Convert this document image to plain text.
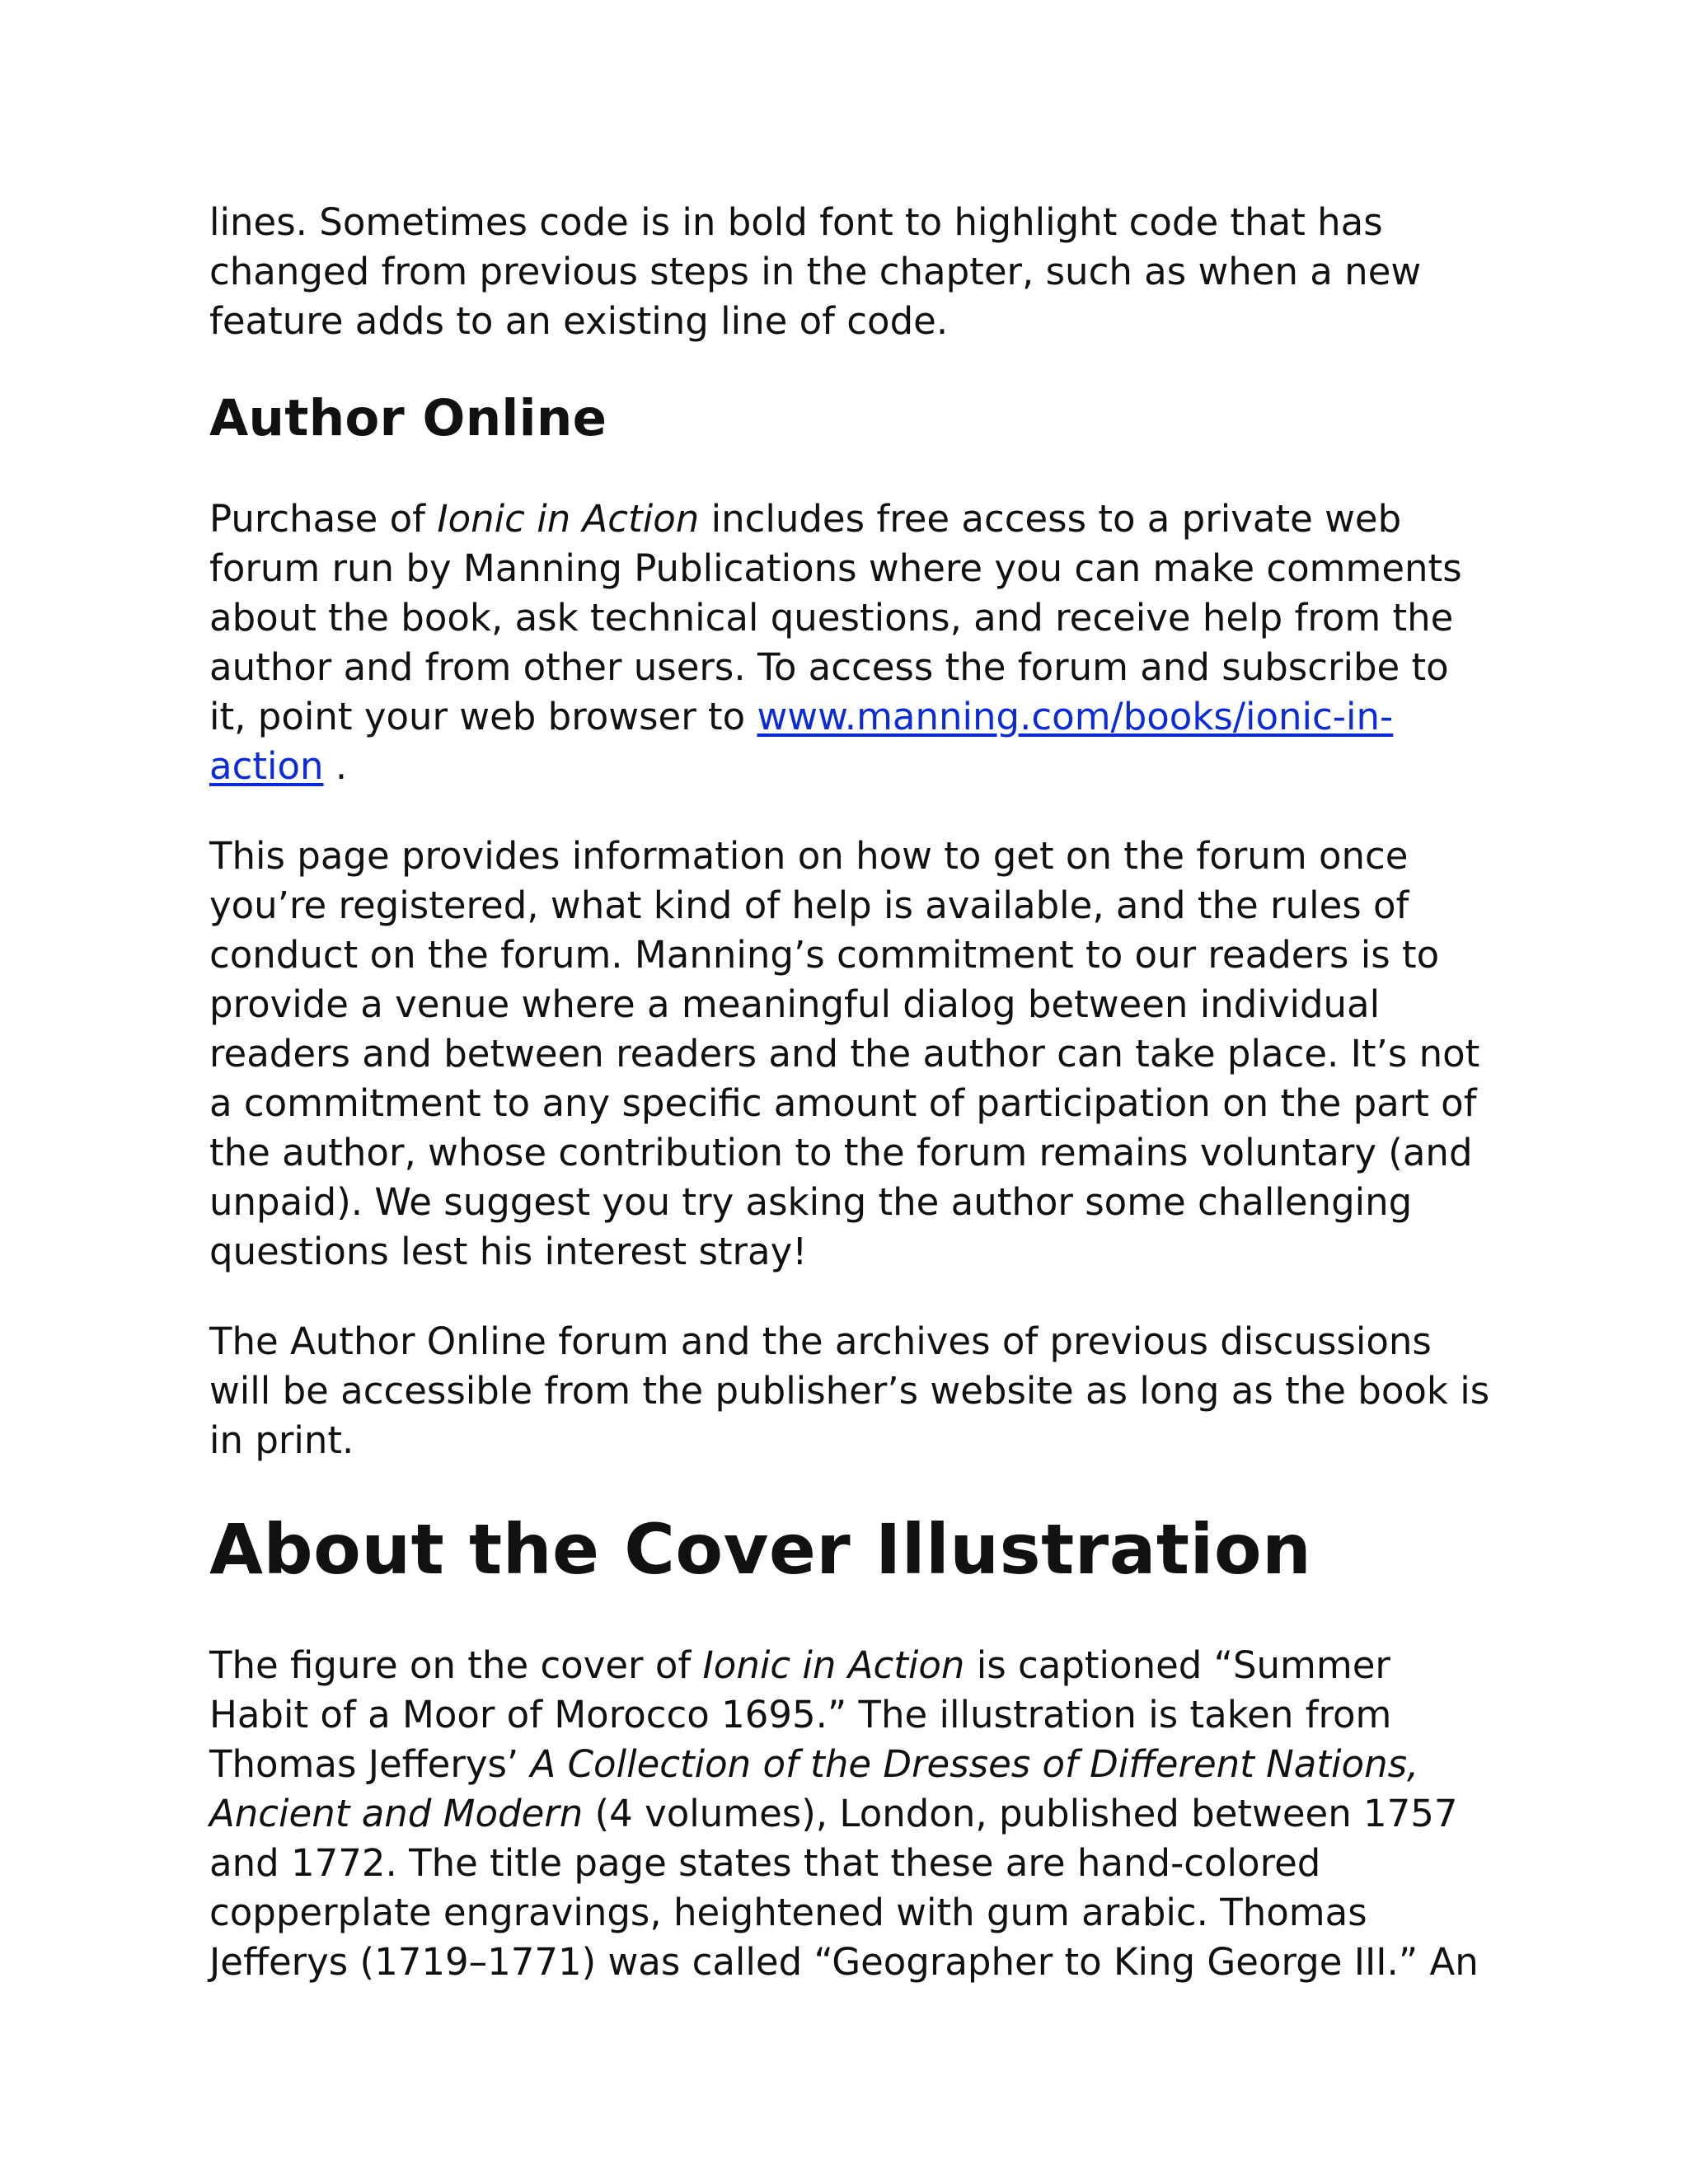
lines. Sometimes code is in bold font to highlight code that has changed from previous steps in the chapter, such as when a new feature adds to an existing line of code.

Author Online

Purchase of Ionic in Action includes free access to a private web forum run by Manning Publications where you can make comments about the book, ask technical questions, and receive help from the author and from other users. To access the forum and subscribe to it, point your web browser to www.manning.com/books/ionic-in-action .

This page provides information on how to get on the forum once you’re registered, what kind of help is available, and the rules of conduct on the forum. Manning’s commitment to our readers is to provide a venue where a meaningful dialog between individual readers and between readers and the author can take place. It’s not a commitment to any specific amount of participation on the part of the author, whose contribution to the forum remains voluntary (and unpaid). We suggest you try asking the author some challenging questions lest his interest stray!

The Author Online forum and the archives of previous discussions will be accessible from the publisher’s website as long as the book is in print.

About the Cover Illustration

The figure on the cover of Ionic in Action is captioned “Summer Habit of a Moor of Morocco 1695.” The illustration is taken from Thomas Jefferys’ A Collection of the Dresses of Different Nations, Ancient and Modern (4 volumes), London, published between 1757 and 1772. The title page states that these are hand-colored copperplate engravings, heightened with gum arabic. Thomas Jefferys (1719–1771) was called “Geographer to King George III.” An
